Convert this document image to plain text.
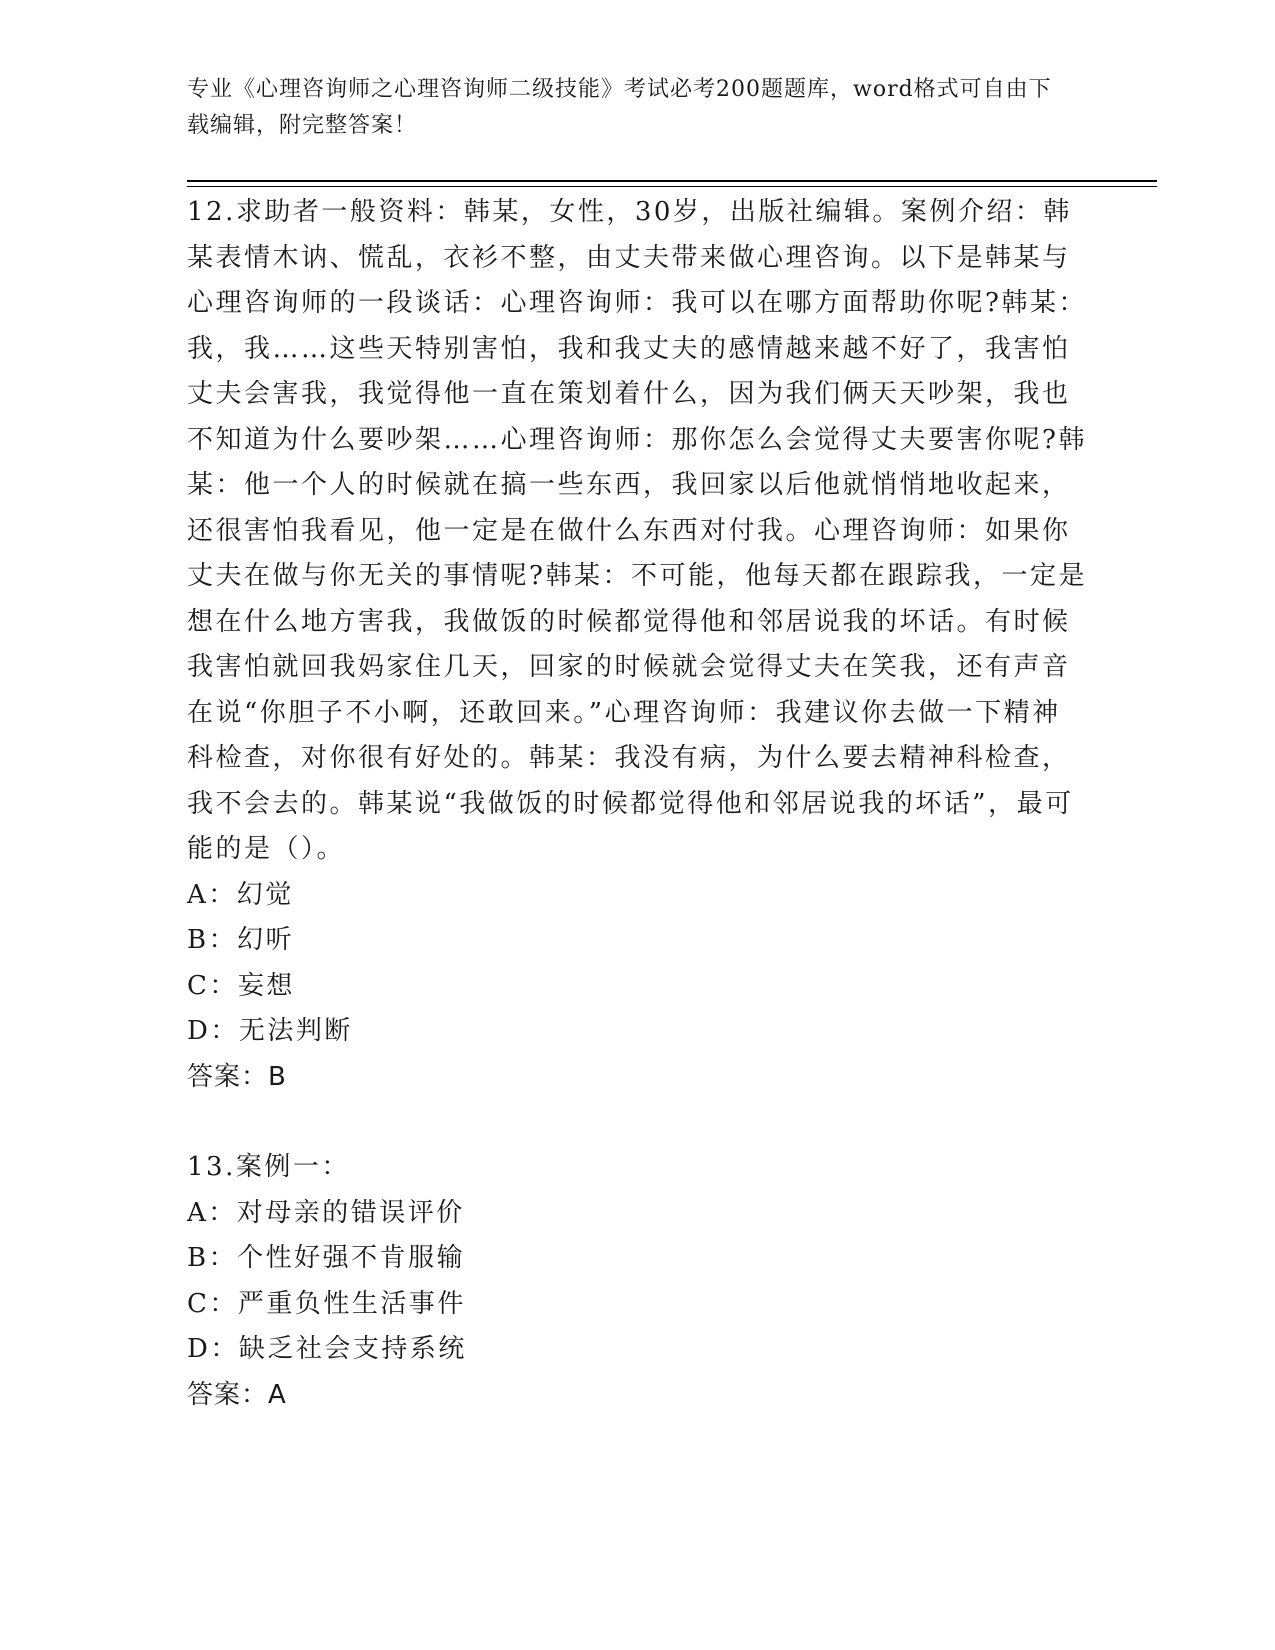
专业《心理咨询师之心理咨询师二级技能》考试必考200题题库，word格式可自由下载编辑，附完整答案！

12.求助者一般资料：韩某，女性，30岁，出版社编辑。案例介绍：韩某表情木讷、慌乱，衣衫不整，由丈夫带来做心理咨询。以下是韩某与心理咨询师的一段谈话：心理咨询师：我可以在哪方面帮助你呢?韩某：我，我……这些天特别害怕，我和我丈夫的感情越来越不好了，我害怕丈夫会害我，我觉得他一直在策划着什么，因为我们俩天天吵架，我也不知道为什么要吵架……心理咨询师：那你怎么会觉得丈夫要害你呢?韩某：他一个人的时候就在搞一些东西，我回家以后他就悄悄地收起来，还很害怕我看见，他一定是在做什么东西对付我。心理咨询师：如果你丈夫在做与你无关的事情呢?韩某：不可能，他每天都在跟踪我，一定是想在什么地方害我，我做饭的时候都觉得他和邻居说我的坏话。有时候我害怕就回我妈家住几天，回家的时候就会觉得丈夫在笑我，还有声音在说“你胆子不小啊，还敢回来。”心理咨询师：我建议你去做一下精神科检查，对你很有好处的。韩某：我没有病，为什么要去精神科检查，我不会去的。韩某说“我做饭的时候都觉得他和邻居说我的坏话”，最可能的是（）。

A：幻觉

B：幻听

C：妄想

D：无法判断

答案：B

13.案例一：

A：对母亲的错误评价

B：个性好强不肯服输

C：严重负性生活事件

D：缺乏社会支持系统

答案：A
